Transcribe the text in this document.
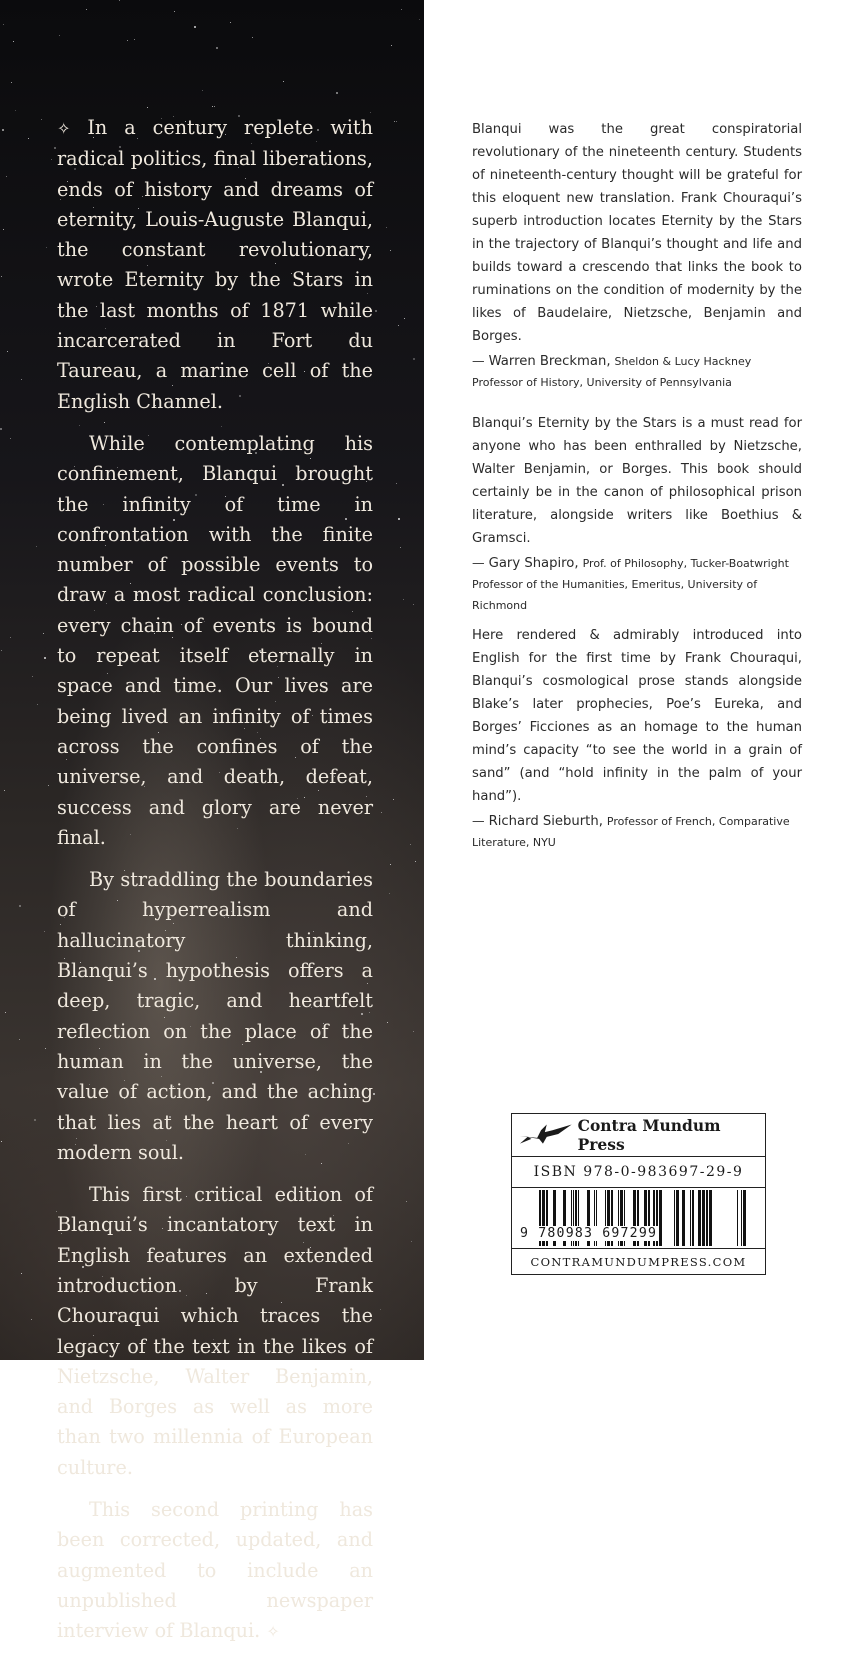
✧ In a century replete with radical politics, final liberations, ends of history and dreams of eternity, Louis-Auguste Blanqui, the constant revolutionary, wrote Eternity by the Stars in the last months of 1871 while incarcerated in Fort du Taureau, a marine cell of the English Channel.

While contemplating his confinement, Blanqui brought the infinity of time in confrontation with the finite number of possible events to draw a most radical conclusion: every chain of events is bound to repeat itself eternally in space and time. Our lives are being lived an infinity of times across the confines of the universe, and death, defeat, success and glory are never final.

By straddling the boundaries of hyperrealism and hallucinatory thinking, Blanqui’s hypothesis offers a deep, tragic, and heartfelt reflection on the place of the human in the universe, the value of action, and the aching that lies at the heart of every modern soul.

This first critical edition of Blanqui’s incantatory text in English features an extended introduction by Frank Chouraqui which traces the legacy of the text in the likes of Nietzsche, Walter Benjamin, and Borges as well as more than two millennia of European culture.

This second printing has been corrected, updated, and augmented to include an unpublished newspaper interview of Blanqui. ✧

Blanqui was the great conspiratorial revolutionary of the nineteenth century. Students of nineteenth-century thought will be grateful for this eloquent new translation. Frank Chouraqui’s superb introduction locates Eternity by the Stars in the trajectory of Blanqui’s thought and life and builds toward a crescendo that links the book to ruminations on the condition of modernity by the likes of Baudelaire, Nietzsche, Benjamin and Borges.

— Warren Breckman, Sheldon & Lucy Hackney Professor of History, University of Pennsylvania

Blanqui’s Eternity by the Stars is a must read for anyone who has been enthralled by Nietzsche, Walter Benjamin, or Borges. This book should certainly be in the canon of philosophical prison literature, alongside writers like Boethius & Gramsci.

— Gary Shapiro, Prof. of Philosophy, Tucker-Boatwright Professor of the Humanities, Emeritus, University of Richmond

Here rendered & admirably introduced into English for the first time by Frank Chouraqui, Blanqui’s cosmological prose stands alongside Blake’s later prophecies, Poe’s Eureka, and Borges’ Ficciones as an homage to the human mind’s capacity “to see the world in a grain of sand” (and “hold infinity in the palm of your hand”).

— Richard Sieburth, Professor of French, Comparative Literature, NYU

Contra Mundum Press
ISBN 978-0-983697-29-9
9 780983 697299
CONTRAMUNDUMPRESS.COM
